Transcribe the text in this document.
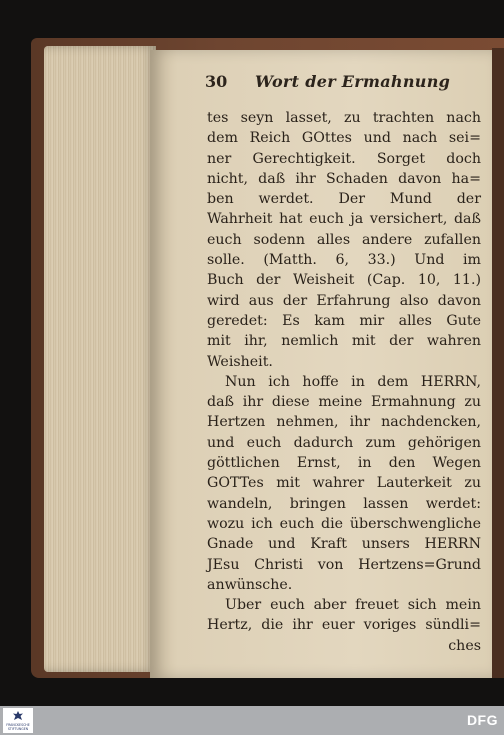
30 Wort der Ermahnung
tes seyn lasset, zu trachten nach
dem Reich GOttes und nach sei=
ner Gerechtigkeit. Sorget doch
nicht, daß ihr Schaden davon ha=
ben werdet. Der Mund der
Wahrheit hat euch ja versichert, daß
euch sodenn alles andere zufallen
solle. (Matth. 6, 33.) Und im
Buch der Weisheit (Cap. 10, 11.)
wird aus der Erfahrung also davon
geredet: Es kam mir alles Gute
mit ihr, nemlich mit der wahren
Weisheit.
Nun ich hoffe in dem HERRN,
daß ihr diese meine Ermahnung zu
Hertzen nehmen, ihr nachdencken,
und euch dadurch zum gehörigen
göttlichen Ernst, in den Wegen
GOTTes mit wahrer Lauterkeit zu
wandeln, bringen lassen werdet:
wozu ich euch die überschwengliche
Gnade und Kraft unsers HERRN
JEsu Christi von Hertzens=Grund
anwünsche.
Uber euch aber freuet sich mein
Hertz, die ihr euer voriges sündli=
ches
FRANCKESCHE STIFTUNGEN
DFG
